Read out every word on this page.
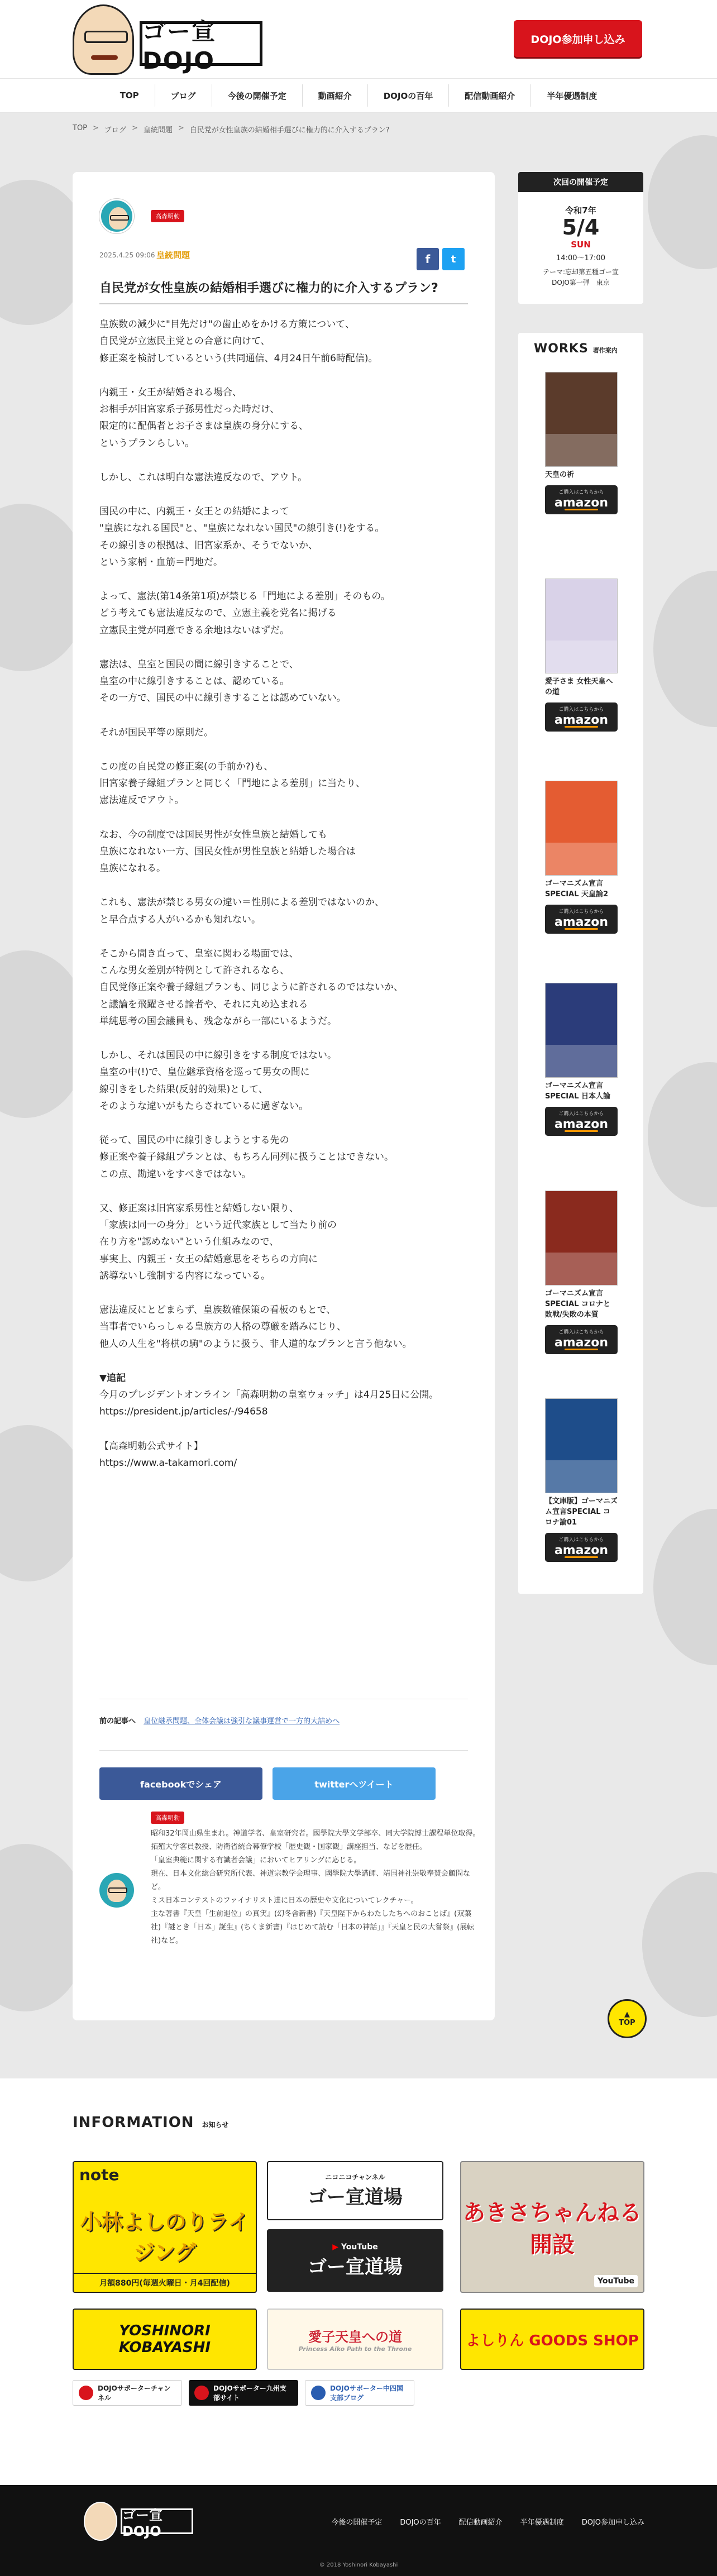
ゴー宣DOJO
DOJO参加申し込み
TOP	ブログ	今後の開催予定	動画紹介	DOJOの百年	配信動画紹介	半年優遇制度
TOP > ブログ > 皇統問題 > 自民党が女性皇族の結婚相手選びに権力的に介入するプラン?
高森明勅
2025.4.25 09:06 皇統問題	f	t
自民党が女性皇族の結婚相手選びに権力的に介入するプラン?

皇族数の減少に"目先だけ"の歯止めをかける方策について、
自民党が立憲民主党との合意に向けて、
修正案を検討しているという(共同通信、4月24日午前6時配信)。

内親王・女王が結婚される場合、
お相手が旧宮家系子孫男性だった時だけ、
限定的に配偶者とお子さまは皇族の身分にする、
というプランらしい。

しかし、これは明白な憲法違反なので、アウト。

国民の中に、内親王・女王との結婚によって
"皇族になれる国民"と、"皇族になれない国民"の線引き(!)をする。
その線引きの根拠は、旧宮家系か、そうでないか、
という家柄・血筋＝門地だ。

よって、憲法(第14条第1項)が禁じる「門地による差別」そのもの。
どう考えても憲法違反なので、立憲主義を党名に掲げる
立憲民主党が同意できる余地はないはずだ。

憲法は、皇室と国民の間に線引きすることで、
皇室の中に線引きすることは、認めている。
その一方で、国民の中に線引きすることは認めていない。

それが国民平等の原則だ。

この度の自民党の修正案(の手前か?)も、
旧宮家養子縁組プランと同じく「門地による差別」に当たり、
憲法違反でアウト。

なお、今の制度では国民男性が女性皇族と結婚しても
皇族になれない一方、国民女性が男性皇族と結婚した場合は
皇族になれる。

これも、憲法が禁じる男女の違い＝性別による差別ではないのか、
と早合点する人がいるかも知れない。

そこから間き直って、皇室に関わる場面では、
こんな男女差別が特例として許されるなら、
自民党修正案や養子縁組プランも、同じように許されるのではないか、
と議論を飛躍させる論者や、それに丸め込まれる
単純思考の国会議員も、残念ながら一部にいるようだ。

しかし、それは国民の中に線引きをする制度ではない。
皇室の中(!)で、皇位継承資格を巡って男女の間に
線引きをした結果(反射的効果)として、
そのような違いがもたらされているに過ぎない。

従って、国民の中に線引きしようとする先の
修正案や養子縁組プランとは、もちろん同列に扱うことはできない。
この点、勘違いをすべきではない。

又、修正案は旧宮家系男性と結婚しない限り、
「家族は同一の身分」という近代家族として当たり前の
在り方を"認めない"という仕組みなので、
事実上、内親王・女王の結婚意思をそちらの方向に
誘導ないし強制する内容になっている。

憲法違反にとどまらず、皇族数確保策の看板のもとで、
当事者でいらっしゃる皇族方の人格の尊厳を踏みにじり、
他人の人生を"将棋の駒"のように扱う、非人道的なプランと言う他ない。

▼追記

今月のプレジデントオンライン「高森明勅の皇室ウォッチ」は4月25日に公開。
https://president.jp/articles/-/94658

【高森明勅公式サイト】

https://www.a-takamori.com/

前の記事へ 皇位継承問題、全体会議は強引な議事運営で一方的大詰めへ
facebookでシェア	twitterへツイート
高森明勅
昭和32年岡山県生まれ。神道学者、皇室研究者。國學院大學文学部卒、同大学院博士課程単位取得。拓殖大学客員教授、防衛省統合幕僚学校「歴史観・国家観」講座担当、などを歴任。
「皇室典範に関する有識者会議」においてヒアリングに応じる。
現在、日本文化総合研究所代表、神道宗教学会理事、國學院大學講師、靖国神社崇敬奉賛会顧問など。
ミス日本コンテストのファイナリスト達に日本の歴史や文化についてレクチャー。
主な著書『天皇「生前退位」の真実』(幻冬舎新書)『天皇陛下からわたしたちへのおことば』(双葉社)『謎とき「日本」誕生』(ちくま新書)『はじめて読む「日本の神話」』『天皇と民の大嘗祭』(展転社)など。
次回の開催予定
令和7年
5/4
SUN
14:00〜17:00
テーマ:忘却第五種ゴー宣
DOJO第一弾　東京
WORKS 著作案内
天皇の祈
ご購入はこちらから
amazon
愛子さま 女性天皇への道
ご購入はこちらから
amazon
ゴーマニズム宣言 SPECIAL 天皇論2
ご購入はこちらから
amazon
ゴーマニズム宣言 SPECIAL 日本人論
ご購入はこちらから
amazon
ゴーマニズム宣言 SPECIAL コロナと敗戦/失敗の本質
ご購入はこちらから
amazon
【文庫版】ゴーマニズム宣言SPECIAL コロナ論01
ご購入はこちらから
amazon
▲
TOP
INFORMATION お知らせ
note
小林よしのりライジング
月額880円(毎週火曜日・月4回配信)
ニコニコチャンネル
ゴー宣道場
▶ YouTube
ゴー宣道場
あきさちゃんねる開設
YouTube
YOSHINORI KOBAYASHI
愛子天皇への道
Princess Aiko Path to the Throne	よしりん GOODS SHOP
DOJOサポーターチャンネル
DOJOサポーター九州支部サイト
DOJOサポーター中四国支部ブログ
ゴー宣DOJO
今後の開催予定 DOJOの百年 配信動画紹介 半年優遇制度 DOJO参加申し込み
© 2018 Yoshinori Kobayashi
